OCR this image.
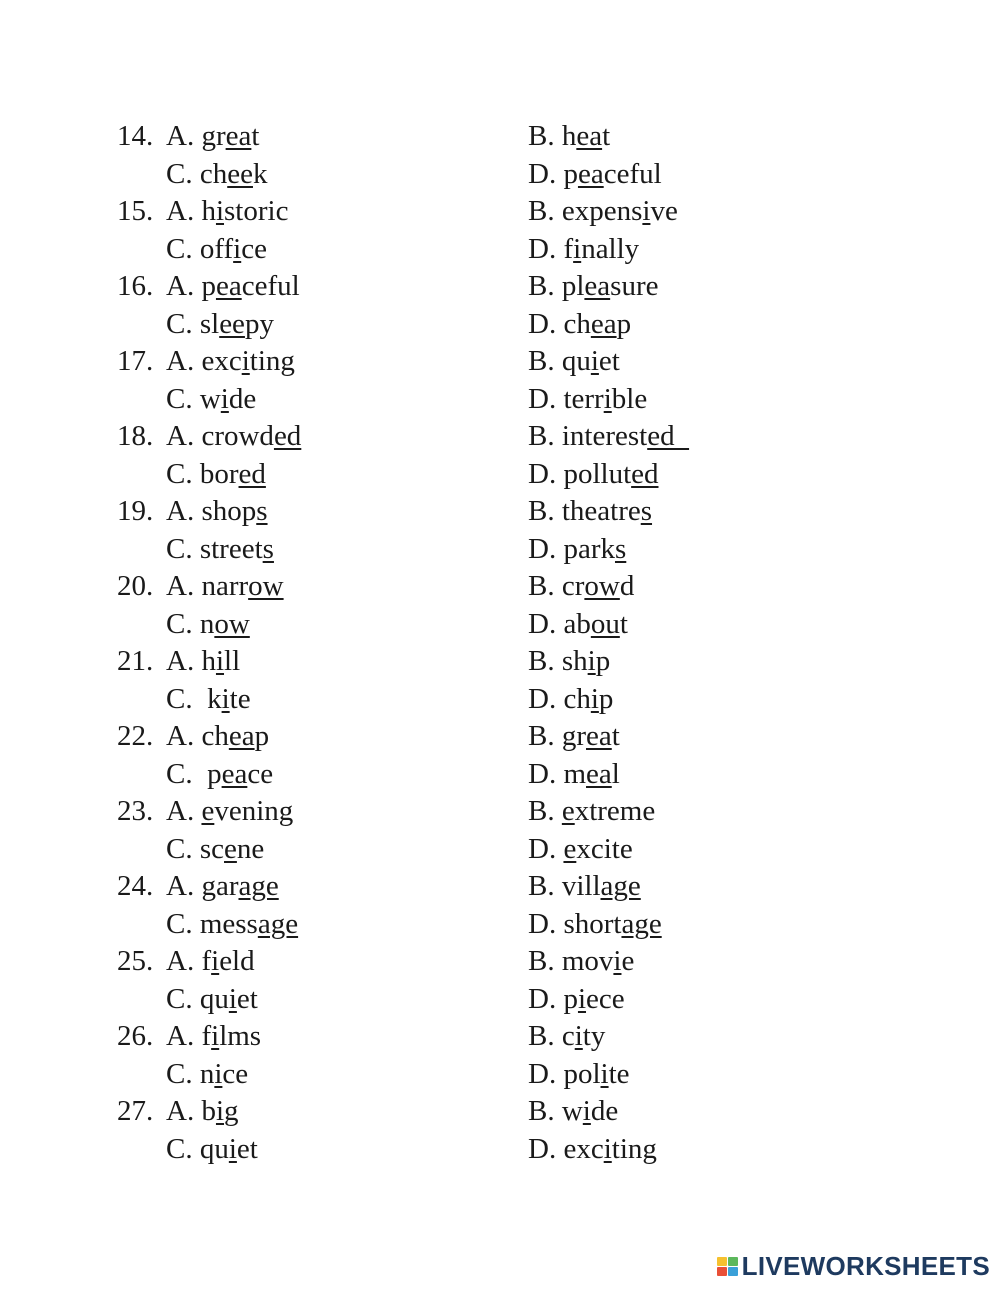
14. A. great	B. heat
C. cheek	D. peaceful
15. A. historic	B. expensive
C. office	D. finally
16. A. peaceful	B. pleasure
C. sleepy	D. cheap
17. A. exciting	B. quiet
C. wide	D. terrible
18. A. crowded	B. interested
C. bored	D. polluted
19. A. shops	B. theatres
C. streets	D. parks
20. A. narrow	B. crowd
C. now	D. about
21. A. hill	B. ship
C.  kite	D. chip
22. A. cheap	B. great
C.  peace	D. meal
23. A. evening	B. extreme
C. scene	D. excite
24. A. garage	B. village
C. message	D. shortage
25. A. field	B. movie
C. quiet	D. piece
26. A. films	B. city
C. nice	D. polite
27. A. big	B. wide
C. quiet	D. exciting
LIVEWORKSHEETS
